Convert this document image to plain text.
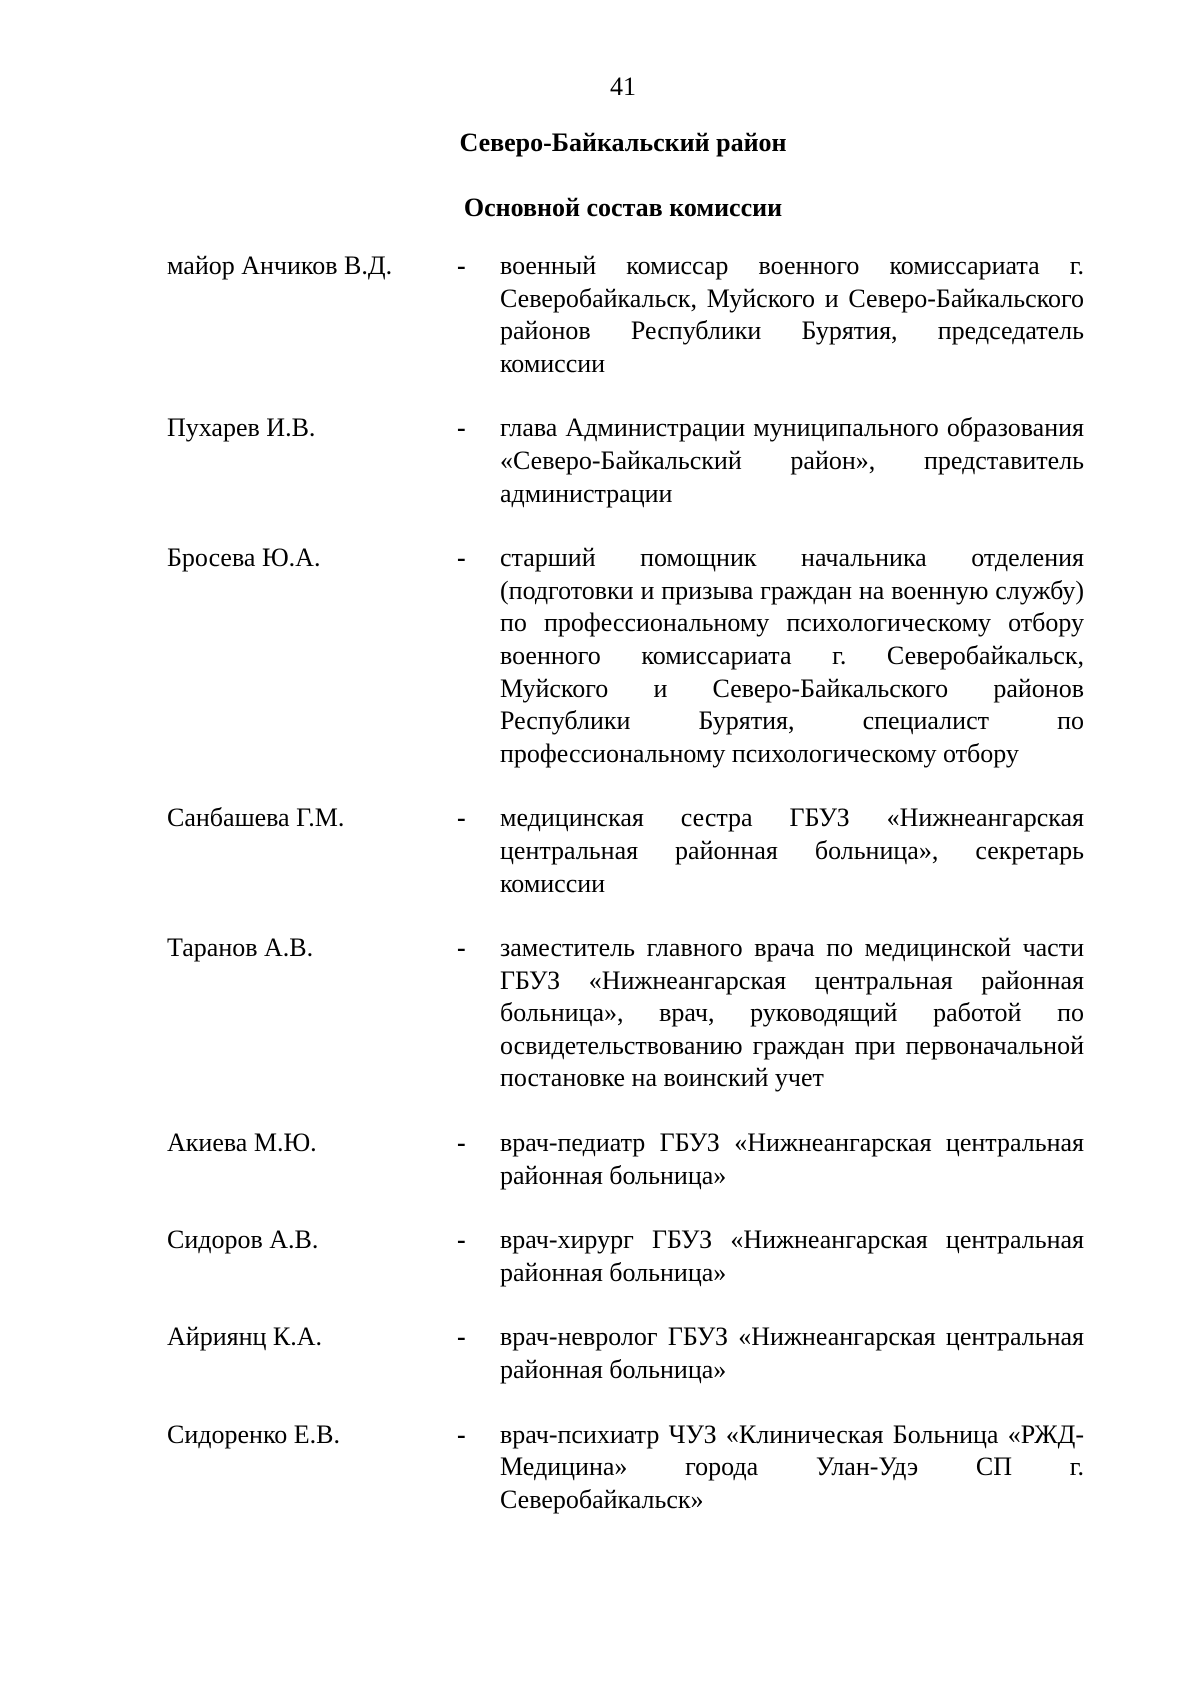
41
Северо-Байкальский район
Основной состав комиссии
майор Анчиков В.Д.	-	военный комиссар военного комиссариата г. Северобайкальск, Муйского и Северо-Байкальского районов Республики Бурятия, председатель комиссии
Пухарев И.В.	-	глава Администрации муниципального образования «Северо-Байкальский район», представитель администрации
Бросева Ю.А.	-	старший помощник начальника отделения (подготовки и призыва граждан на военную службу) по профессиональному психологическому отбору военного комиссариата г. Северобайкальск, Муйского и Северо-Байкальского районов Республики Бурятия, специалист по профессиональному психологическому отбору
Санбашева Г.М.	-	медицинская сестра ГБУЗ «Нижнеангарская центральная районная больница», секретарь комиссии
Таранов А.В.	-	заместитель главного врача по медицинской части ГБУЗ «Нижнеангарская центральная районная больница», врач, руководящий работой по освидетельствованию граждан при первоначальной постановке на воинский учет
Акиева М.Ю.	-	врач-педиатр ГБУЗ «Нижнеангарская центральная районная больница»
Сидоров А.В.	-	врач-хирург ГБУЗ «Нижнеангарская центральная районная больница»
Айриянц К.А.	-	врач-невролог ГБУЗ «Нижнеангарская центральная районная больница»
Сидоренко Е.В.	-	врач-психиатр ЧУЗ «Клиническая Больница «РЖД-Медицина» города Улан-Удэ СП г. Северобайкальск»
